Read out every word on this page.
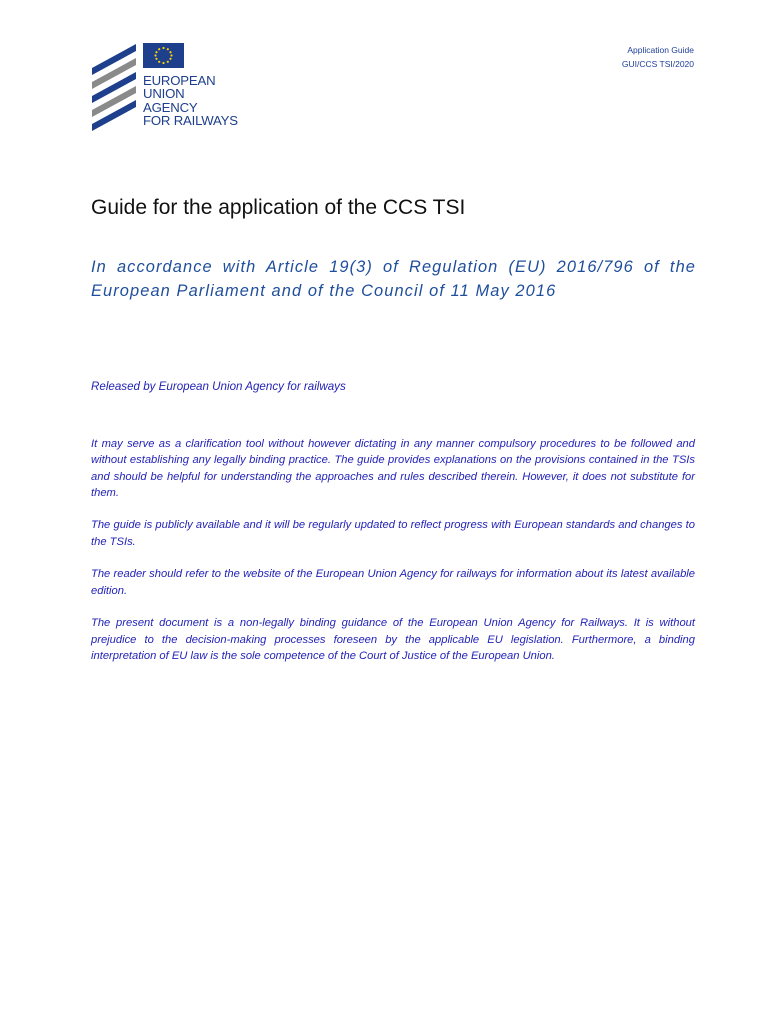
EUROPEAN
UNION
AGENCY
FOR RAILWAYS
Application Guide
GUI/CCS TSI/2020
Guide for the application of the CCS TSI
In accordance with Article 19(3) of Regulation (EU) 2016/796 of the European Parliament and of the Council of 11 May 2016
Released by European Union Agency for railways

It may serve as a clarification tool without however dictating in any manner compulsory procedures to be followed and without establishing any legally binding practice. The guide provides explanations on the provisions contained in the TSIs and should be helpful for understanding the approaches and rules described therein. However, it does not substitute for them.

The guide is publicly available and it will be regularly updated to reflect progress with European standards and changes to the TSIs.

The reader should refer to the website of the European Union Agency for railways for information about its latest available edition.

The present document is a non-legally binding guidance of the European Union Agency for Railways. It is without prejudice to the decision-making processes foreseen by the applicable EU legislation. Furthermore, a binding interpretation of EU law is the sole competence of the Court of Justice of the European Union.
